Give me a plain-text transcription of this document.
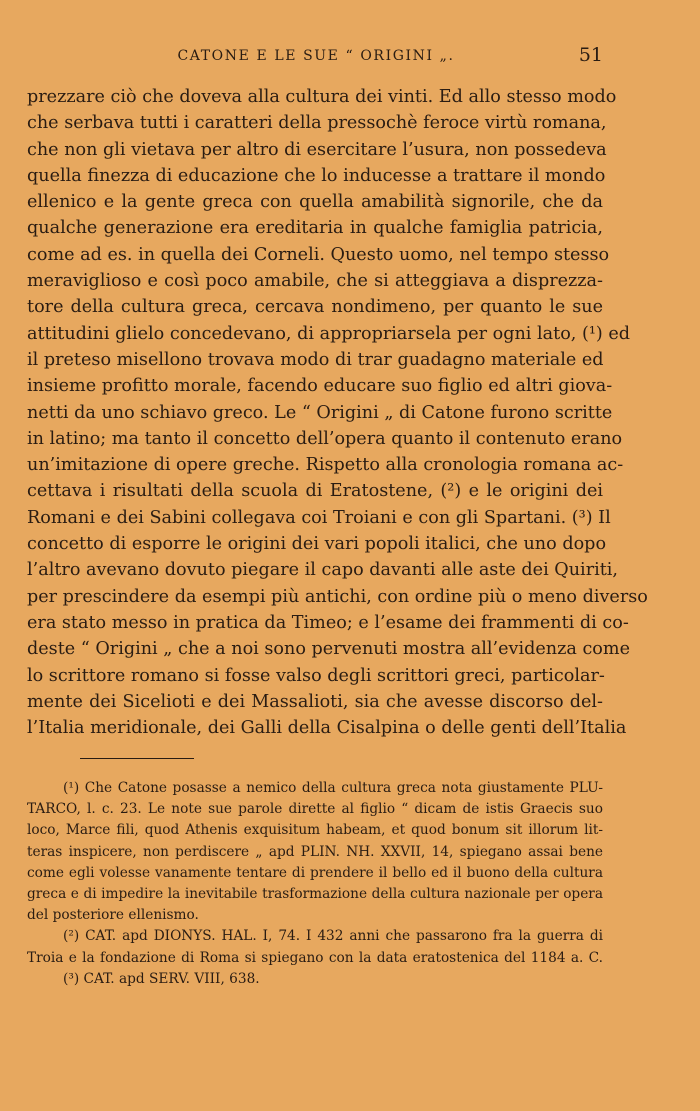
CATONE E LE SUE “ ORIGINI „.	51
prezzare ciò che doveva alla cultura dei vinti. Ed allo stesso modo
che serbava tutti i caratteri della pressochè feroce virtù romana,
che non gli vietava per altro di esercitare l’usura, non possedeva
quella finezza di educazione che lo inducesse a trattare il mondo
ellenico e la gente greca con quella amabilità signorile, che da
qualche generazione era ereditaria in qualche famiglia patricia,
come ad es. in quella dei Corneli. Questo uomo, nel tempo stesso
meraviglioso e così poco amabile, che si atteggiava a disprezza-
tore della cultura greca, cercava nondimeno, per quanto le sue
attitudini glielo concedevano, di appropriarsela per ogni lato, (¹) ed
il preteso misellono trovava modo di trar guadagno materiale ed
insieme profitto morale, facendo educare suo figlio ed altri giova-
netti da uno schiavo greco. Le “ Origini „ di Catone furono scritte
in latino; ma tanto il concetto dell’opera quanto il contenuto erano
un’imitazione di opere greche. Rispetto alla cronologia romana ac-
cettava i risultati della scuola di Eratostene, (²) e le origini dei
Romani e dei Sabini collegava coi Troiani e con gli Spartani. (³) Il
concetto di esporre le origini dei vari popoli italici, che uno dopo
l’altro avevano dovuto piegare il capo davanti alle aste dei Quiriti,
per prescindere da esempi più antichi, con ordine più o meno diverso
era stato messo in pratica da Timeo; e l’esame dei frammenti di co-
deste “ Origini „ che a noi sono pervenuti mostra all’evidenza come
lo scrittore romano si fosse valso degli scrittori greci, particolar-
mente dei Sicelioti e dei Massalioti, sia che avesse discorso del-
l’Italia meridionale, dei Galli della Cisalpina o delle genti dell’Italia
(¹) Che Catone posasse a nemico della cultura greca nota giustamente PLU-
TARCO, l. c. 23. Le note sue parole dirette al figlio “ dicam de istis Graecis suo
loco, Marce fili, quod Athenis exquisitum habeam, et quod bonum sit illorum lit-
teras inspicere, non perdiscere „ apd PLIN. NH. XXVII, 14, spiegano assai bene
come egli volesse vanamente tentare di prendere il bello ed il buono della cultura
greca e di impedire la inevitabile trasformazione della cultura nazionale per opera
del posteriore ellenismo.
(²) CAT. apd DIONYS. HAL. I, 74. I 432 anni che passarono fra la guerra di
Troia e la fondazione di Roma si spiegano con la data eratostenica del 1184 a. C.
(³) CAT. apd SERV. VIII, 638.
